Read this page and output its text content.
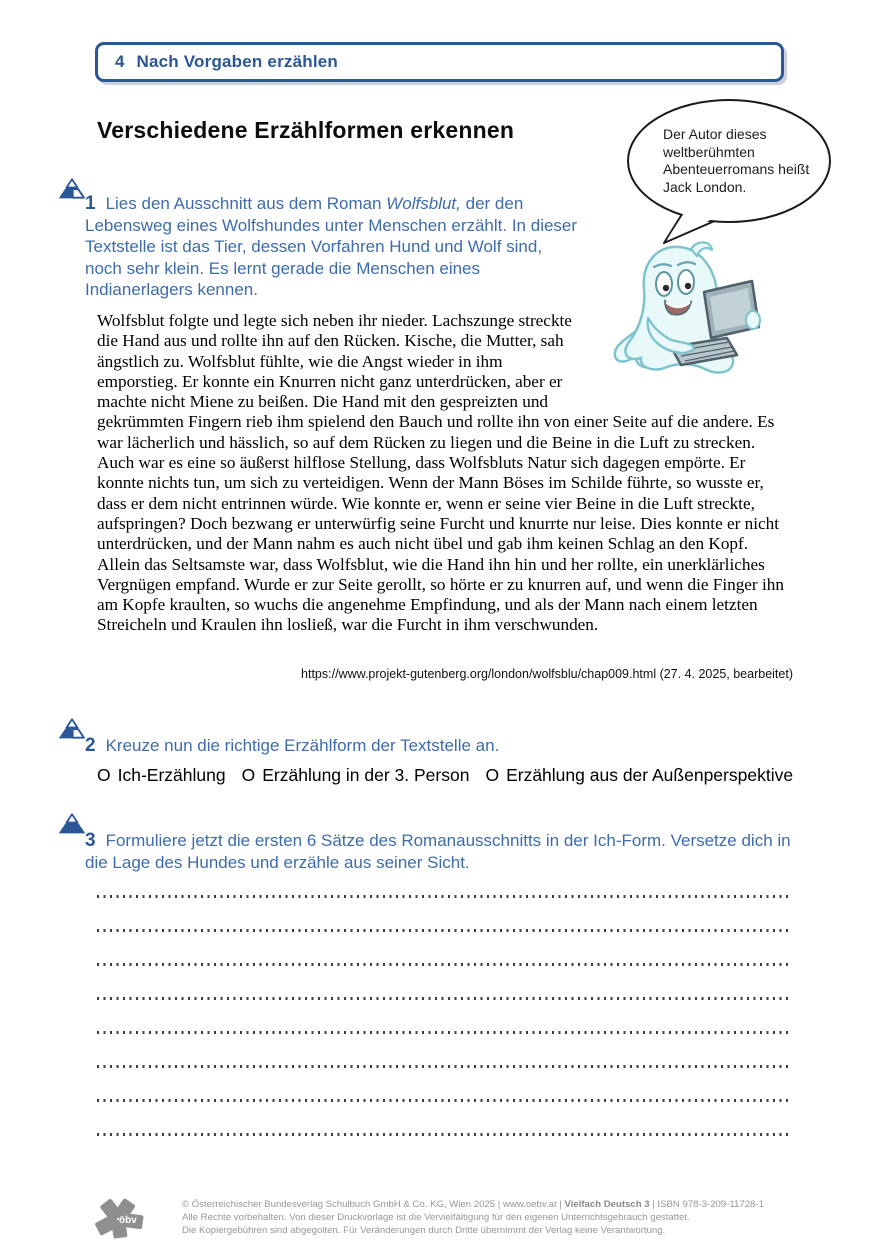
4 Nach Vorgaben erzählen
Verschiedene Erzählformen erkennen	Der Autor dieses weltberühmten Abenteuerromans heißt Jack London.

1 Lies den Ausschnitt aus dem Roman Wolfsblut, der den Lebensweg eines Wolfshundes unter Menschen erzählt. In dieser Textstelle ist das Tier, dessen Vorfahren Hund und Wolf sind, noch sehr klein. Es lernt gerade die Menschen eines Indianerlagers kennen.

Wolfsblut folgte und legte sich neben ihr nieder. Lachszunge streckte die Hand aus und rollte ihn auf den Rücken. Kische, die Mutter, sah ängstlich zu. Wolfsblut fühlte, wie die Angst wieder in ihm emporstieg. Er konnte ein Knurren nicht ganz unterdrücken, aber er machte nicht Miene zu beißen. Die Hand mit den gespreizten und gekrümmten Fingern rieb ihm spielend den Bauch und rollte ihn von einer Seite auf die andere. Es war lächerlich und hässlich, so auf dem Rücken zu liegen und die Beine in die Luft zu strecken. Auch war es eine so äußerst hilflose Stellung, dass Wolfsbluts Natur sich dagegen empörte. Er konnte nichts tun, um sich zu verteidigen. Wenn der Mann Böses im Schilde führte, so wusste er, dass er dem nicht entrinnen würde. Wie konnte er, wenn er seine vier Beine in die Luft streckte, aufspringen? Doch bezwang er unterwürfig seine Furcht und knurrte nur leise. Dies konnte er nicht unterdrücken, und der Mann nahm es auch nicht übel und gab ihm keinen Schlag an den Kopf. Allein das Seltsamste war, dass Wolfsblut, wie die Hand ihn hin und her rollte, ein unerklärliches Vergnügen empfand. Wurde er zur Seite gerollt, so hörte er zu knurren auf, und wenn die Finger ihn am Kopfe kraulten, so wuchs die angenehme Empfindung, und als der Mann nach einem letzten Streicheln und Kraulen ihn losließ, war die Furcht in ihm verschwunden.
https://www.projekt-gutenberg.org/london/wolfsblu/chap009.html (27. 4. 2025, bearbeitet)

2 Kreuze nun die richtige Erzählform der Textstelle an.

O Ich-Erzählung O Erzählung in der 3. Person O Erzählung aus der Außenperspektive

3 Formuliere jetzt die ersten 6 Sätze des Romanausschnitts in der Ich-Form. Versetze dich in die Lage des Hundes und erzähle aus seiner Sicht.

öbv
© Österreichischer Bundesverlag Schulbuch GmbH & Co. KG, Wien 2025 | www.oebv.at | Vielfach Deutsch 3 | ISBN 978-3-209-11728-1
Alle Rechte vorbehalten. Von dieser Druckvorlage ist die Vervielfältigung für den eigenen Unterrichtsgebrauch gestattet.
Die Kopiergebühren sind abgegolten. Für Veränderungen durch Dritte übernimmt der Verlag keine Verantwortung.
